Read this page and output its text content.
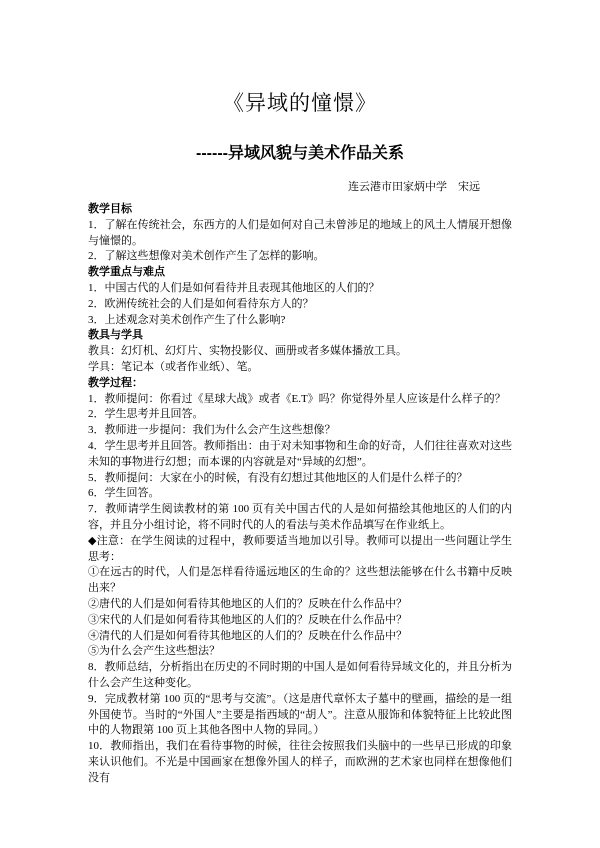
《异域的憧憬》
------异域风貌与美术作品关系
连云港市田家炳中学　宋远

教学目标

1．了解在传统社会，东西方的人们是如何对自己未曾涉足的地域上的风土人情展开想像与憧憬的。

2．了解这些想像对美术创作产生了怎样的影响。

教学重点与难点

1．中国古代的人们是如何看待并且表现其他地区的人们的？

2．欧洲传统社会的人们是如何看待东方人的？

3．上述观念对美术创作产生了什么影响?

教具与学具

教具：幻灯机、幻灯片、实物投影仪、画册或者多媒体播放工具。

学具：笔记本（或者作业纸）、笔。

教学过程：

1．教师提问：你看过《星球大战》或者《E.T》吗？你觉得外星人应该是什么样子的？

2．学生思考并且回答。

3．教师进一步提问：我们为什么会产生这些想像？

4．学生思考并且回答。教师指出：由于对未知事物和生命的好奇，人们往往喜欢对这些未知的事物进行幻想；而本课的内容就是对“异域的幻想”。

5．教师提问：大家在小的时候，有没有幻想过其他地区的人们是什么样子的？

6．学生回答。

7．教师请学生阅读教材的第 100 页有关中国古代的人是如何描绘其他地区的人们的内容，并且分小组讨论，将不同时代的人的看法与美术作品填写在作业纸上。

◆注意：在学生阅读的过程中，教师要适当地加以引导。教师可以提出一些问题让学生思考：

①在远古的时代，人们是怎样看待遥远地区的生命的？这些想法能够在什么书籍中反映出来？

②唐代的人们是如何看待其他地区的人们的？反映在什么作品中？

③宋代的人们是如何看待其他地区的人们的？反映在什么作品中？

④清代的人们是如何看待其他地区的人们的？反映在什么作品中？

⑤为什么会产生这些想法？

8．教师总结，分析指出在历史的不同时期的中国人是如何看待异域文化的，并且分析为什么会产生这种变化。

9．完成教材第 100 页的“思考与交流”。（这是唐代章怀太子墓中的壁画，描绘的是一组外国使节。当时的“外国人”主要是指西域的“胡人”。注意从服饰和体貌特征上比较此图中的人物跟第 100 页上其他各图中人物的异同。）

10．教师指出，我们在看待事物的时候，往往会按照我们头脑中的一些早已形成的印象来认识他们。不光是中国画家在想像外国人的样子，而欧洲的艺术家也同样在想像他们没有
